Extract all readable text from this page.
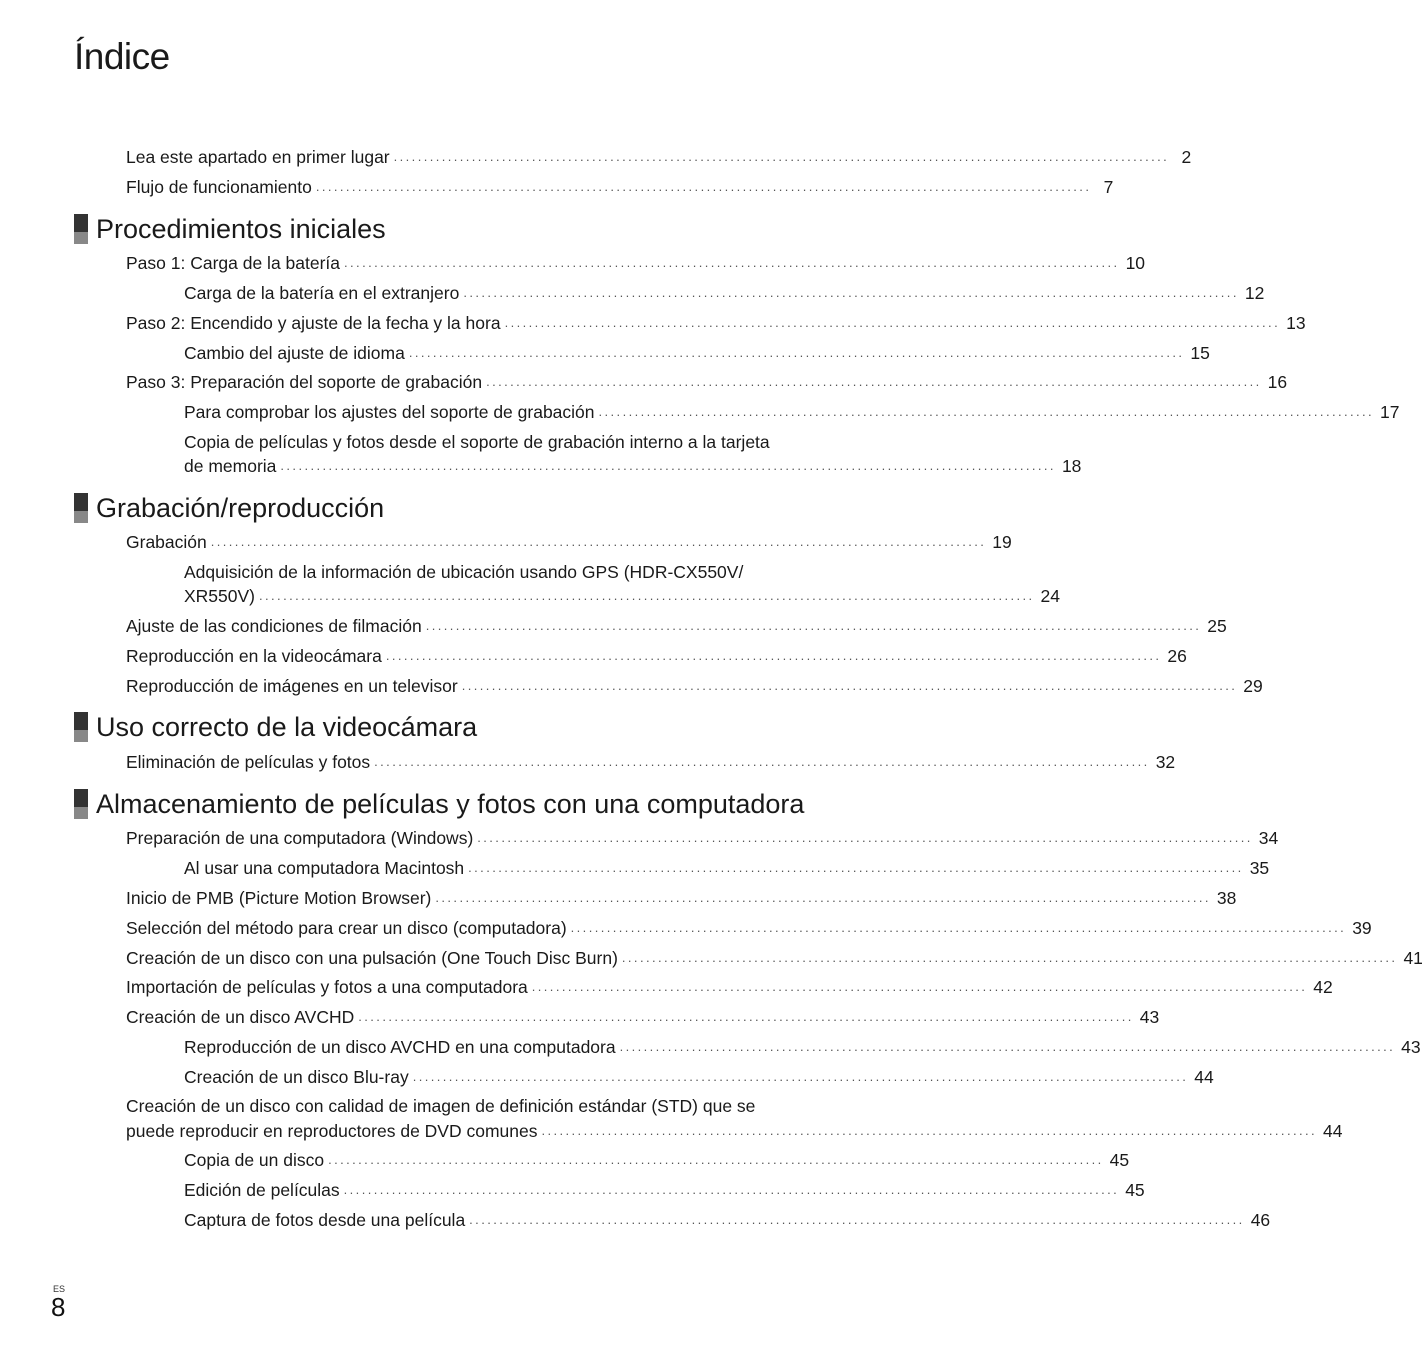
Índice
Lea este apartado en primer lugar ................................................................................................................................. 2
Flujo de funcionamiento ................................................................................................................................. 7
Procedimientos iniciales
Paso 1: Carga de la batería ................................................................................................................................. 10
Carga de la batería en el extranjero ................................................................................................................................. 12
Paso 2: Encendido y ajuste de la fecha y la hora ................................................................................................................................. 13
Cambio del ajuste de idioma ................................................................................................................................. 15
Paso 3: Preparación del soporte de grabación ................................................................................................................................. 16
Para comprobar los ajustes del soporte de grabación ................................................................................................................................. 17
Copia de películas y fotos desde el soporte de grabación interno a la tarjeta
de memoria ................................................................................................................................. 18
Grabación/reproducción
Grabación ................................................................................................................................. 19
Adquisición de la información de ubicación usando GPS (HDR-CX550V/
XR550V) ................................................................................................................................. 24
Ajuste de las condiciones de filmación ................................................................................................................................. 25
Reproducción en la videocámara ................................................................................................................................. 26
Reproducción de imágenes en un televisor ................................................................................................................................. 29
Uso correcto de la videocámara
Eliminación de películas y fotos ................................................................................................................................. 32
Almacenamiento de películas y fotos con una computadora
Preparación de una computadora (Windows) ................................................................................................................................. 34
Al usar una computadora Macintosh ................................................................................................................................. 35
Inicio de PMB (Picture Motion Browser) ................................................................................................................................. 38
Selección del método para crear un disco (computadora) ................................................................................................................................. 39
Creación de un disco con una pulsación (One Touch Disc Burn) ................................................................................................................................. 41
Importación de películas y fotos a una computadora ................................................................................................................................. 42
Creación de un disco AVCHD ................................................................................................................................. 43
Reproducción de un disco AVCHD en una computadora ................................................................................................................................. 43
Creación de un disco Blu-ray ................................................................................................................................. 44
Creación de un disco con calidad de imagen de definición estándar (STD) que se
puede reproducir en reproductores de DVD comunes ................................................................................................................................. 44
Copia de un disco ................................................................................................................................. 45
Edición de películas ................................................................................................................................. 45
Captura de fotos desde una película ................................................................................................................................. 46
ES
8
